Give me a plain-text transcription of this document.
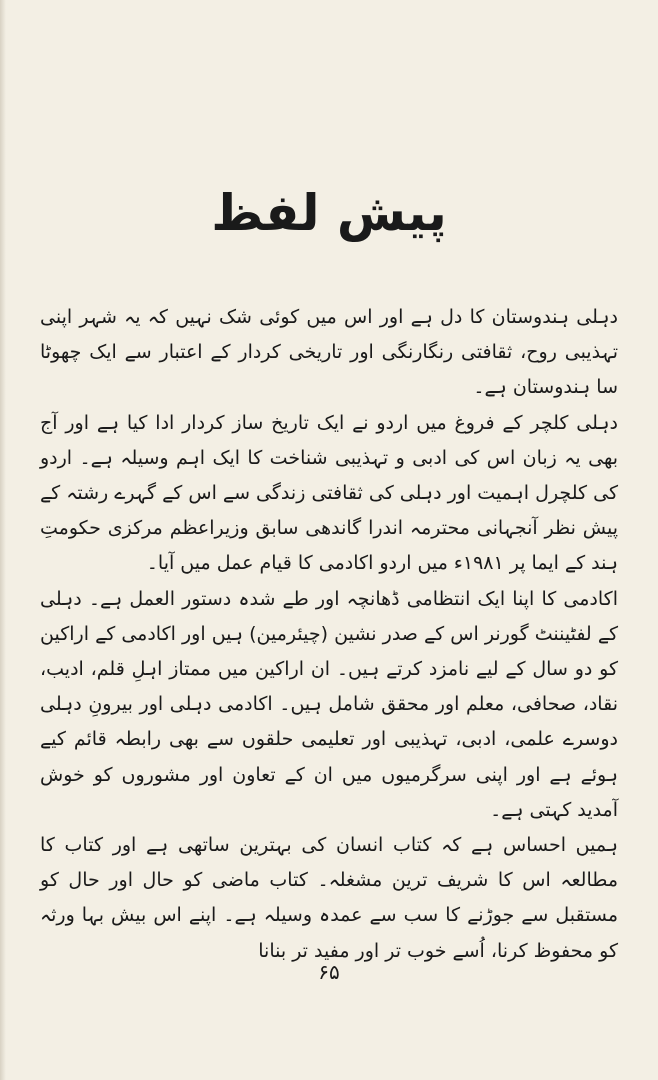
پیش لفظ

دہلی ہندوستان کا دل ہے اور اس میں کوئی شک نہیں کہ یہ شہر اپنی تہذیبی روح، ثقافتی رنگارنگی اور تاریخی کردار کے اعتبار سے ایک چھوٹا سا ہندوستان ہے۔

دہلی کلچر کے فروغ میں اردو نے ایک تاریخ ساز کردار ادا کیا ہے اور آج بھی یہ زبان اس کی ادبی و تہذیبی شناخت کا ایک اہم وسیلہ ہے۔ اردو کی کلچرل اہمیت اور دہلی کی ثقافتی زندگی سے اس کے گہرے رشتہ کے پیش نظر آنجہانی محترمہ اندرا گاندھی سابق وزیراعظم مرکزی حکومتِ ہند کے ایما پر ۱۹۸۱ء میں اردو اکادمی کا قیام عمل میں آیا۔

اکادمی کا اپنا ایک انتظامی ڈھانچہ اور طے شدہ دستور العمل ہے۔ دہلی کے لفٹیننٹ گورنر اس کے صدر نشین (چیئرمین) ہیں اور اکادمی کے اراکین کو دو سال کے لیے نامزد کرتے ہیں۔ ان اراکین میں ممتاز اہلِ قلم، ادیب، نقاد، صحافی، معلم اور محقق شامل ہیں۔ اکادمی دہلی اور بیرونِ دہلی دوسرے علمی، ادبی، تہذیبی اور تعلیمی حلقوں سے بھی رابطہ قائم کیے ہوئے ہے اور اپنی سرگرمیوں میں ان کے تعاون اور مشوروں کو خوش آمدید کہتی ہے۔

ہمیں احساس ہے کہ کتاب انسان کی بہترین ساتھی ہے اور کتاب کا مطالعہ اس کا شریف ترین مشغلہ۔ کتاب ماضی کو حال اور حال کو مستقبل سے جوڑنے کا سب سے عمدہ وسیلہ ہے۔ اپنے اس بیش بہا ورثہ کو محفوظ کرنا، اُسے خوب تر اور مفید تر بنانا

۶۵
